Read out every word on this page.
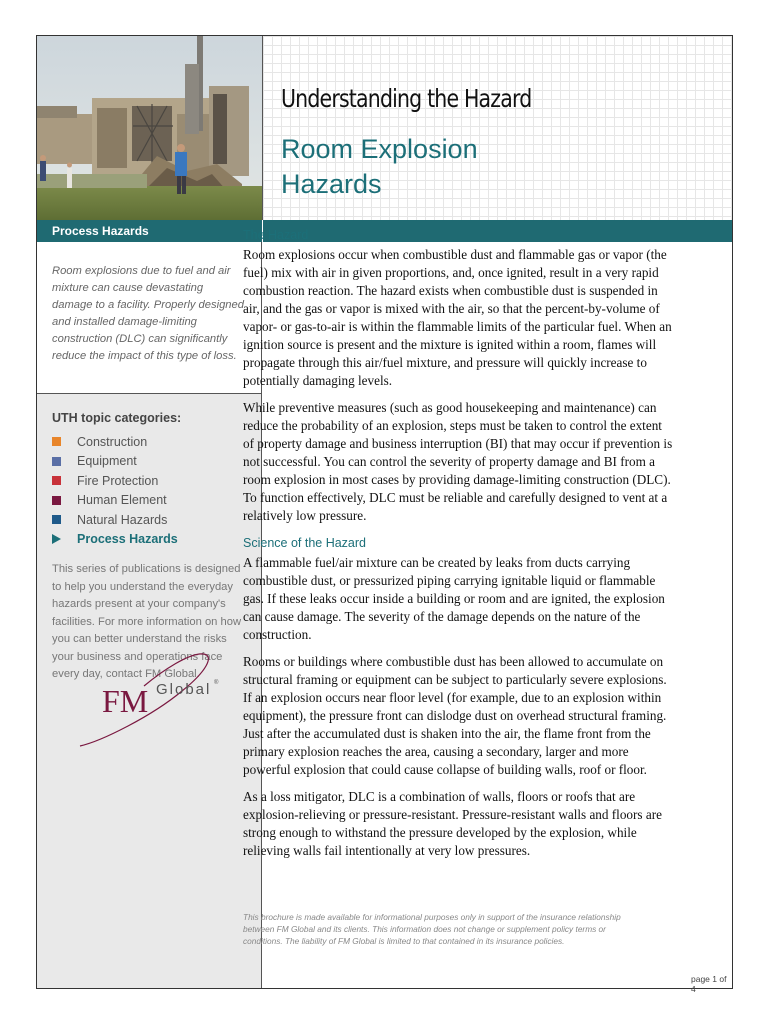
Understanding the Hazard
Room Explosion
Hazards
Process Hazards
Room explosions due to fuel and air mixture can cause devastating damage to a facility. Properly designed and installed damage-limiting construction (DLC) can significantly reduce the impact of this type of loss.

UTH topic categories:

Construction
Equipment
Fire Protection
Human Element
Natural Hazards
Process Hazards

This series of publications is designed to help you understand the everyday hazards present at your company's facilities. For more information on how you can better understand the risks your business and operations face every day, contact FM Global.

FM Global ®
page 1 of 4
The Hazard

Room explosions occur when combustible dust and flammable gas or vapor (the fuel) mix with air in given proportions, and, once ignited, result in a very rapid combustion reaction. The hazard exists when combustible dust is suspended in air, and the gas or vapor is mixed with the air, so that the percent-by-volume of vapor- or gas-to-air is within the flammable limits of the particular fuel. When an ignition source is present and the mixture is ignited within a room, flames will propagate through this air/fuel mixture, and pressure will quickly increase to potentially damaging levels.

While preventive measures (such as good housekeeping and maintenance) can reduce the probability of an explosion, steps must be taken to control the extent of property damage and business interruption (BI) that may occur if prevention is not successful. You can control the severity of property damage and BI from a room explosion in most cases by providing damage-limiting construction (DLC). To function effectively, DLC must be reliable and carefully designed to vent at a relatively low pressure.

Science of the Hazard

A flammable fuel/air mixture can be created by leaks from ducts carrying combustible dust, or pressurized piping carrying ignitable liquid or flammable gas. If these leaks occur inside a building or room and are ignited, the explosion can cause damage. The severity of the damage depends on the nature of the construction.

Rooms or buildings where combustible dust has been allowed to accumulate on structural framing or equipment can be subject to particularly severe explosions. If an explosion occurs near floor level (for example, due to an explosion within equipment), the pressure front can dislodge dust on overhead structural framing. Just after the accumulated dust is shaken into the air, the flame front from the primary explosion reaches the area, causing a secondary, larger and more powerful explosion that could cause collapse of building walls, roof or floor.

As a loss mitigator, DLC is a combination of walls, floors or roofs that are explosion-relieving or pressure-resistant. Pressure-resistant walls and floors are strong enough to withstand the pressure developed by the explosion, while relieving walls fail intentionally at very low pressures.

This brochure is made available for informational purposes only in support of the insurance relationship between FM Global and its clients. This information does not change or supplement policy terms or conditions. The liability of FM Global is limited to that contained in its insurance policies.
